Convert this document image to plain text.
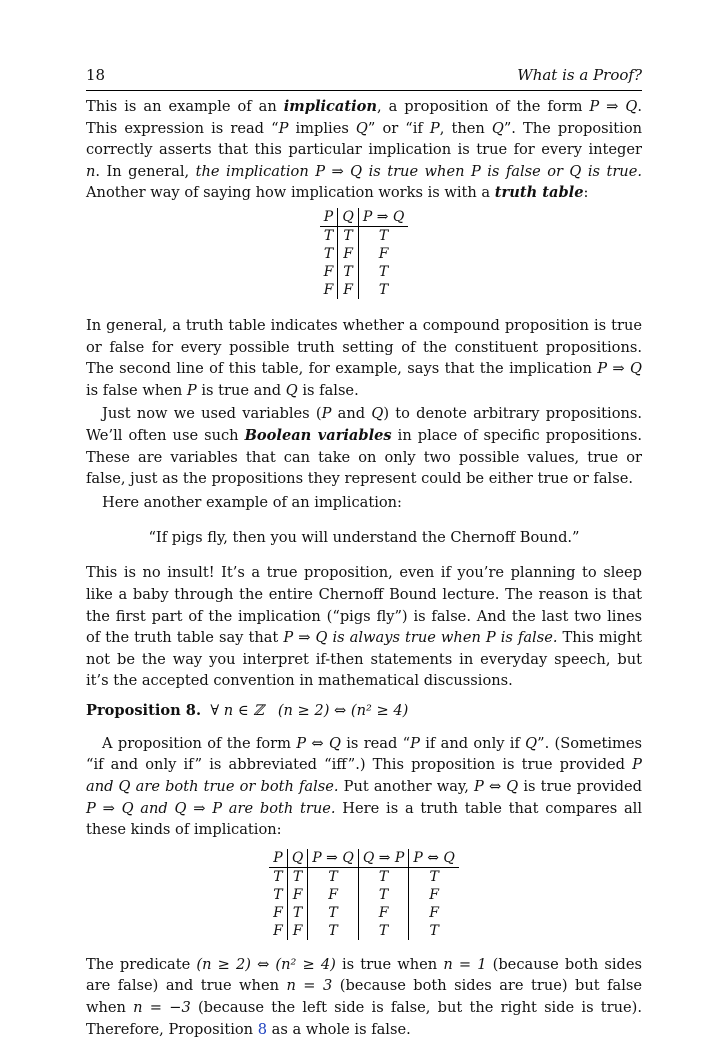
18	What is a Proof?

This is an example of an implication, a proposition of the form P ⇒ Q. This expression is read “P implies Q” or “if P, then Q”. The proposition correctly asserts that this particular implication is true for every integer n. In general, the implication P ⇒ Q is true when P is false or Q is true. Another way of saying how implication works is with a truth table:

P	Q	P ⇒ Q
T	T	T
T	F	F
F	T	T
F	F	T

In general, a truth table indicates whether a compound proposition is true or false for every possible truth setting of the constituent propositions. The second line of this table, for example, says that the implication P ⇒ Q is false when P is true and Q is false.

Just now we used variables (P and Q) to denote arbitrary propositions. We’ll often use such Boolean variables in place of specific propositions. These are variables that can take on only two possible values, true or false, just as the propositions they represent could be either true or false.

Here another example of an implication:

“If pigs fly, then you will understand the Chernoff Bound.”

This is no insult! It’s a true proposition, even if you’re planning to sleep like a baby through the entire Chernoff Bound lecture. The reason is that the first part of the implication (“pigs fly”) is false. And the last two lines of the truth table say that P ⇒ Q is always true when P is false. This might not be the way you interpret if-then statements in everyday speech, but it’s the accepted convention in mathematical discussions.

Proposition 8. ∀ n ∈ ℤ   (n ≥ 2) ⇔ (n² ≥ 4)

A proposition of the form P ⇔ Q is read “P if and only if Q”. (Sometimes “if and only if” is abbreviated “iff”.) This proposition is true provided P and Q are both true or both false. Put another way, P ⇔ Q is true provided P ⇒ Q and Q ⇒ P are both true. Here is a truth table that compares all these kinds of implication:

P	Q	P ⇒ Q	Q ⇒ P	P ⇔ Q
T	T	T	T	T
T	F	F	T	F
F	T	T	F	F
F	F	T	T	T

The predicate (n ≥ 2) ⇔ (n² ≥ 4) is true when n = 1 (because both sides are false) and true when n = 3 (because both sides are true) but false when n = −3 (because the left side is false, but the right side is true). Therefore, Proposition 8 as a whole is false.
